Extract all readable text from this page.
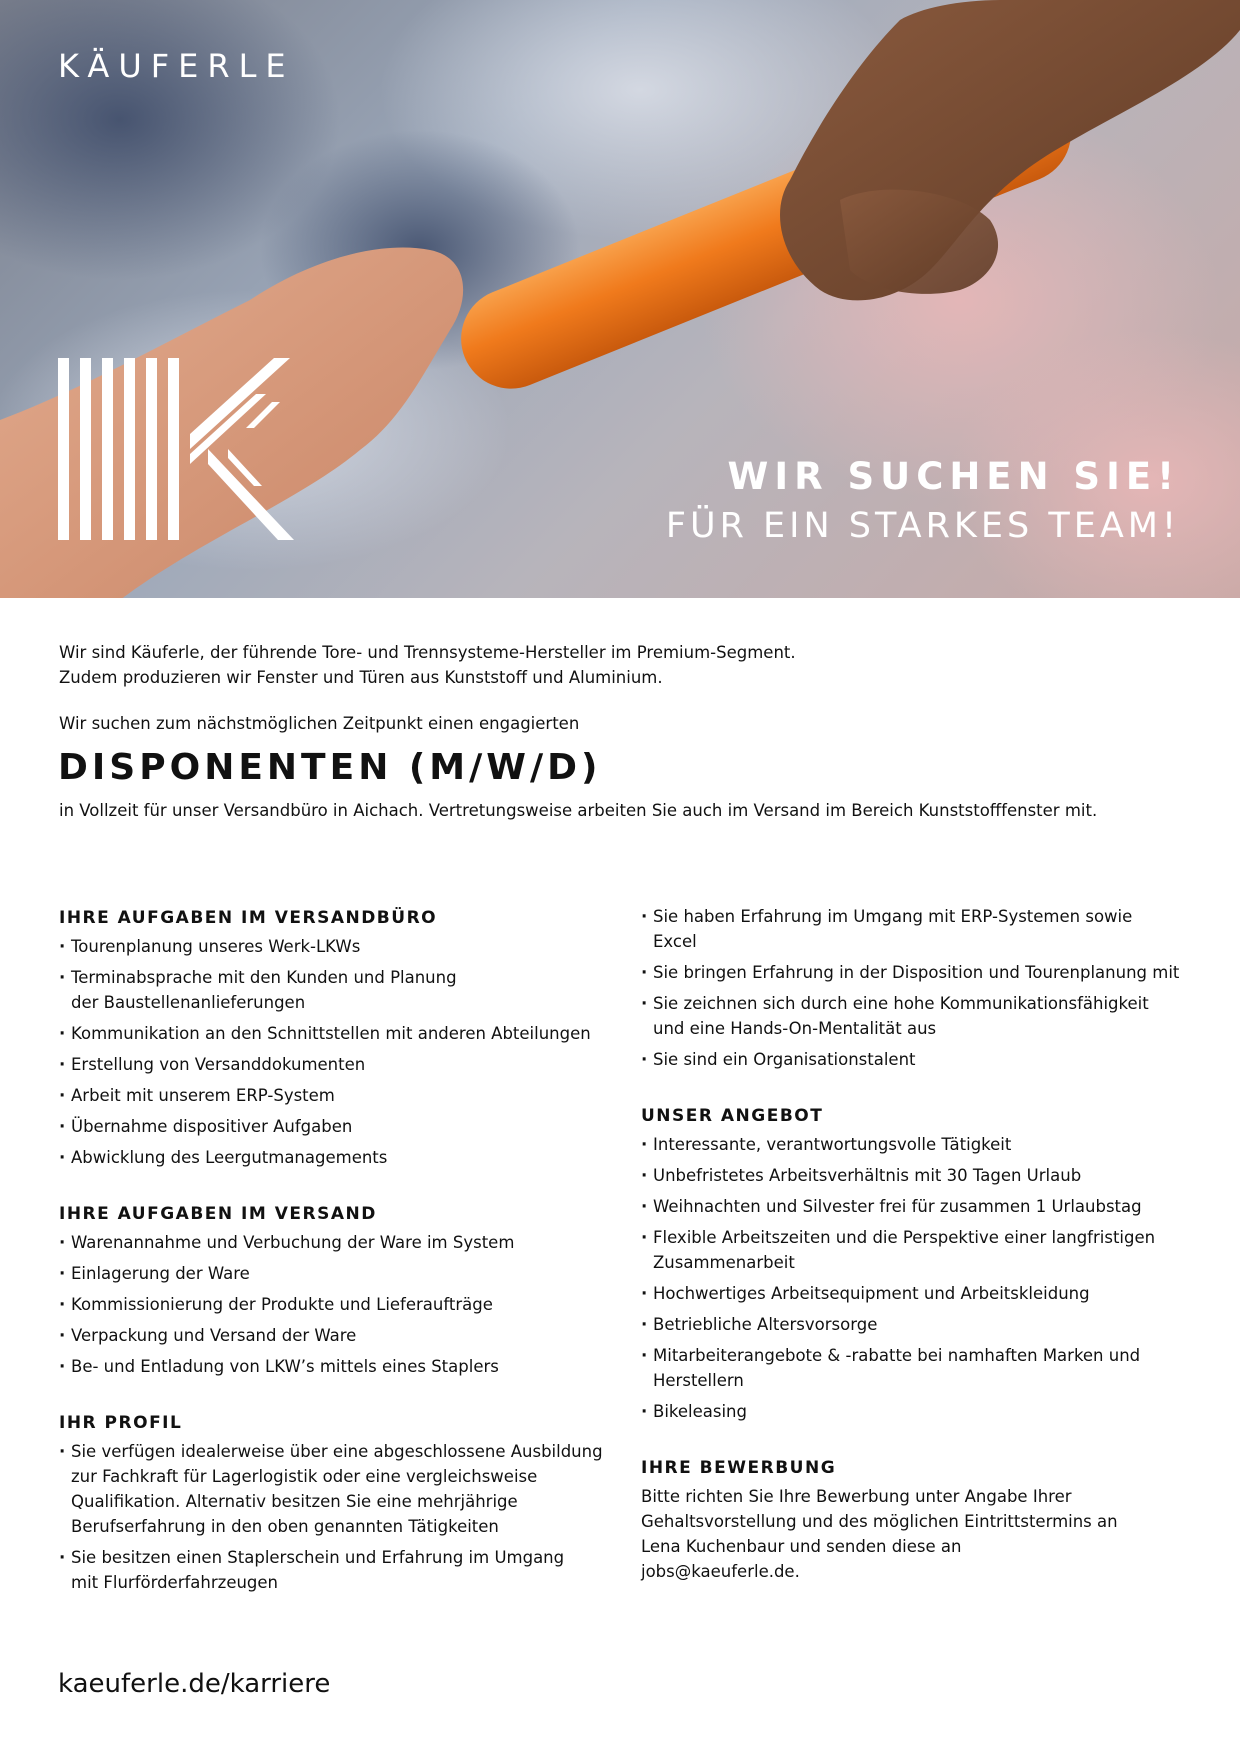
KÄUFERLE
WIR SUCHEN SIE!
FÜR EIN STARKES TEAM!

Wir sind Käuferle, der führende Tore- und Trennsysteme-Hersteller im Premium-Segment.

Zudem produzieren wir Fenster und Türen aus Kunststoff und Aluminium.

Wir suchen zum nächstmöglichen Zeitpunkt einen engagierten

DISPONENTEN (M/W/D)

in Vollzeit für unser Versandbüro in Aichach. Vertretungsweise arbeiten Sie auch im Versand im Bereich Kunststofffenster mit.

IHRE AUFGABEN IM VERSANDBÜRO
· Tourenplanung unseres Werk-LKWs
· Terminabsprache mit den Kunden und Planung der Baustellenanlieferungen
· Kommunikation an den Schnittstellen mit anderen Abteilungen
· Erstellung von Versanddokumenten
· Arbeit mit unserem ERP-System
· Übernahme dispositiver Aufgaben
· Abwicklung des Leergutmanagements
IHRE AUFGABEN IM VERSAND
· Warenannahme und Verbuchung der Ware im System
· Einlagerung der Ware
· Kommissionierung der Produkte und Lieferaufträge
· Verpackung und Versand der Ware
· Be- und Entladung von LKW’s mittels eines Staplers
IHR PROFIL
· Sie verfügen idealerweise über eine abgeschlossene Ausbildung zur Fachkraft für Lagerlogistik oder eine vergleichsweise Qualifikation. Alternativ besitzen Sie eine mehrjährige Berufserfahrung in den oben genannten Tätigkeiten
· Sie besitzen einen Staplerschein und Erfahrung im Umgang mit Flurförderfahrzeugen
· Sie haben Erfahrung im Umgang mit ERP-Systemen sowie Excel
· Sie bringen Erfahrung in der Disposition und Tourenplanung mit
· Sie zeichnen sich durch eine hohe Kommunikationsfähigkeit und eine Hands-On-Mentalität aus
· Sie sind ein Organisationstalent
UNSER ANGEBOT
· Interessante, verantwortungsvolle Tätigkeit
· Unbefristetes Arbeitsverhältnis mit 30 Tagen Urlaub
· Weihnachten und Silvester frei für zusammen 1 Urlaubstag
· Flexible Arbeitszeiten und die Perspektive einer langfristigen Zusammenarbeit
· Hochwertiges Arbeitsequipment und Arbeitskleidung
· Betriebliche Altersvorsorge
· Mitarbeiterangebote & -rabatte bei namhaften Marken und Herstellern
· Bikeleasing
IHRE BEWERBUNG

Bitte richten Sie Ihre Bewerbung unter Angabe Ihrer Gehaltsvorstellung und des möglichen Eintrittstermins an Lena Kuchenbaur und senden diese an jobs@kaeuferle.de.

kaeuferle.de/karriere
